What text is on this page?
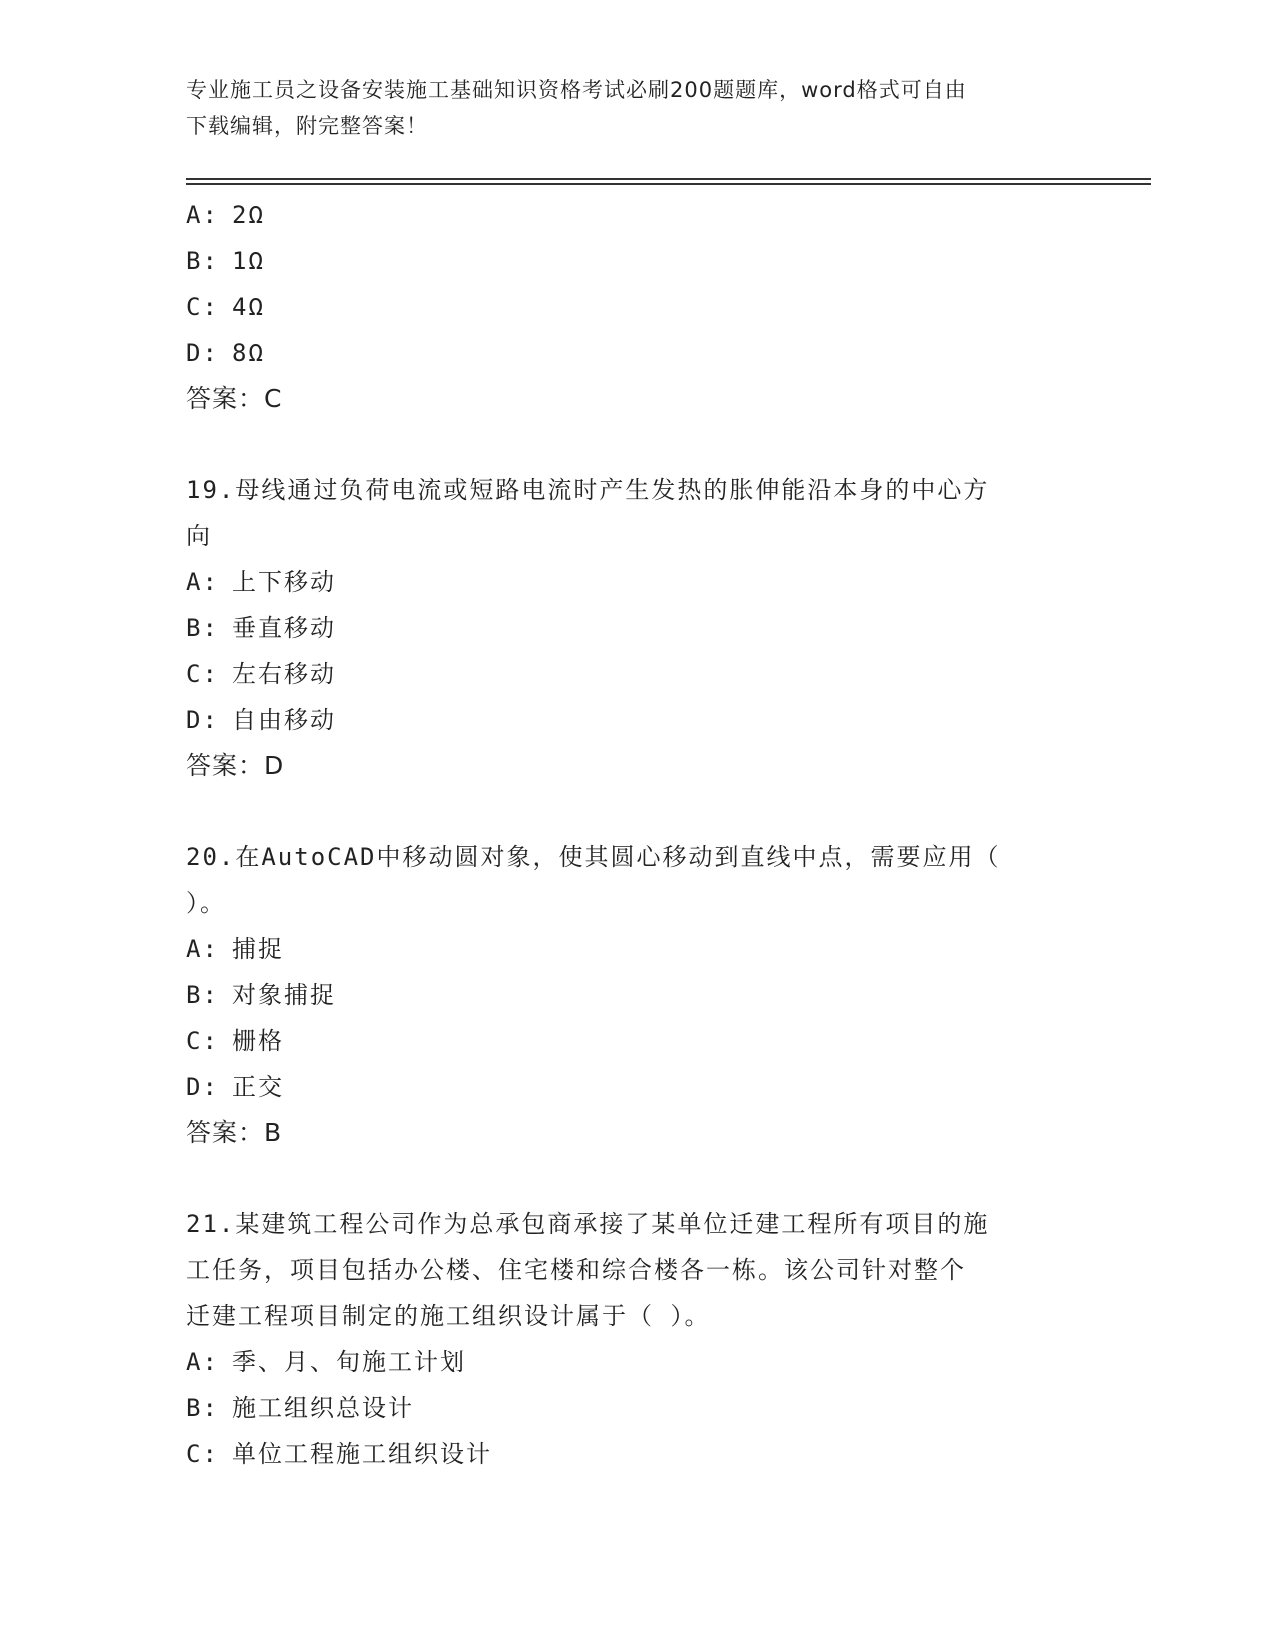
专业施工员之设备安装施工基础知识资格考试必刷200题题库，word格式可自由
下载编辑，附完整答案！
A: 2Ω
B: 1Ω
C: 4Ω
D: 8Ω
答案：C
19.母线通过负荷电流或短路电流时产生发热的胀伸能沿本身的中心方
向
A: 上下移动
B: 垂直移动
C: 左右移动
D: 自由移动
答案：D
20.在AutoCAD中移动圆对象，使其圆心移动到直线中点，需要应用（
）。
A: 捕捉
B: 对象捕捉
C: 栅格
D: 正交
答案：B
21.某建筑工程公司作为总承包商承接了某单位迁建工程所有项目的施
工任务，项目包括办公楼、住宅楼和综合楼各一栋。该公司针对整个
迁建工程项目制定的施工组织设计属于（ ）。
A: 季、月、旬施工计划
B: 施工组织总设计
C: 单位工程施工组织设计
